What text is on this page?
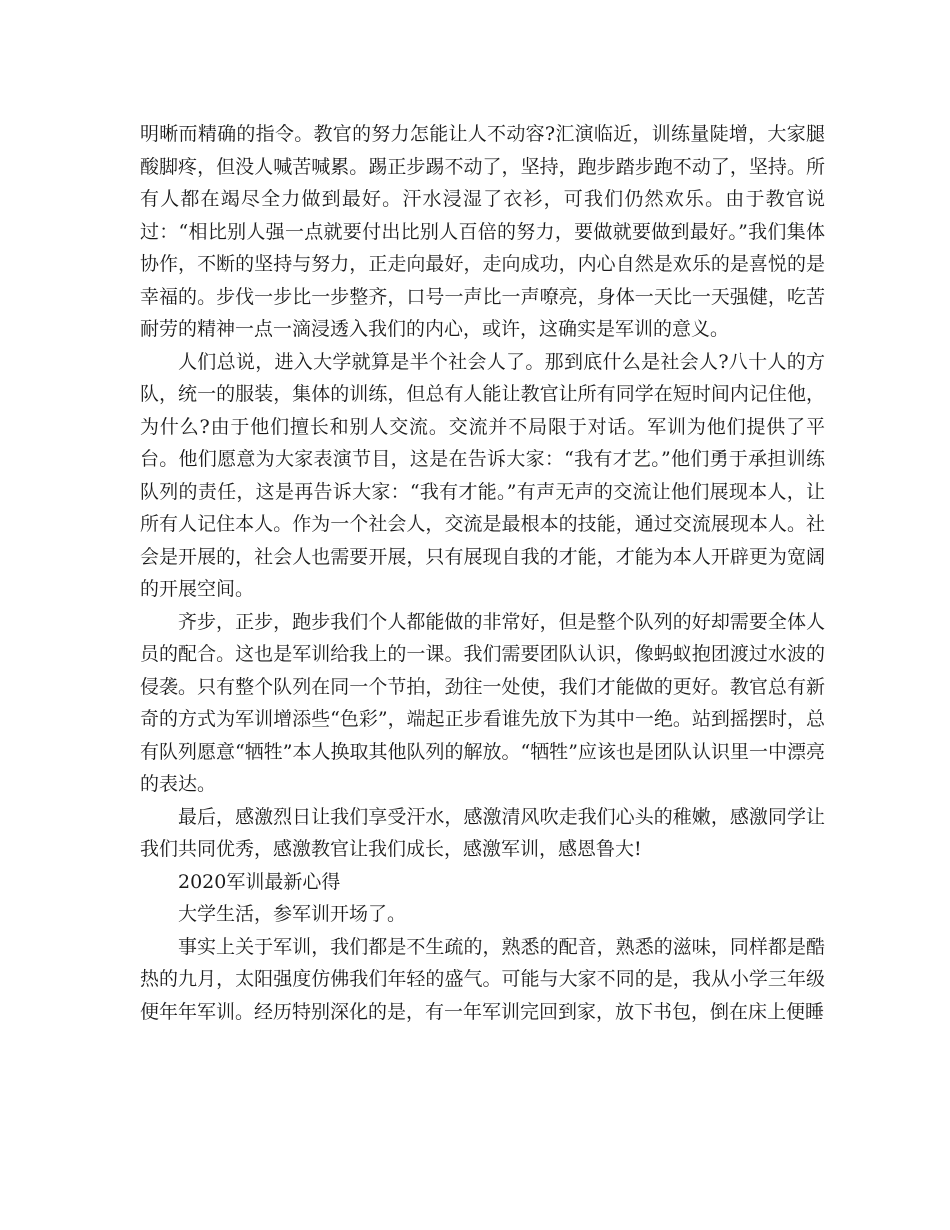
明晰而精确的指令。教官的努力怎能让人不动容?汇演临近，训练量陡增，大家腿酸脚疼，但没人喊苦喊累。踢正步踢不动了，坚持，跑步踏步跑不动了，坚持。所有人都在竭尽全力做到最好。汗水浸湿了衣衫，可我们仍然欢乐。由于教官说过：“相比别人强一点就要付出比别人百倍的努力，要做就要做到最好。”我们集体协作，不断的坚持与努力，正走向最好，走向成功，内心自然是欢乐的是喜悦的是幸福的。步伐一步比一步整齐，口号一声比一声嘹亮，身体一天比一天强健，吃苦耐劳的精神一点一滴浸透入我们的内心，或许，这确实是军训的意义。

人们总说，进入大学就算是半个社会人了。那到底什么是社会人?八十人的方队，统一的服装，集体的训练，但总有人能让教官让所有同学在短时间内记住他，为什么?由于他们擅长和别人交流。交流并不局限于对话。军训为他们提供了平台。他们愿意为大家表演节目，这是在告诉大家：“我有才艺。”他们勇于承担训练队列的责任，这是再告诉大家：“我有才能。”有声无声的交流让他们展现本人，让所有人记住本人。作为一个社会人，交流是最根本的技能，通过交流展现本人。社会是开展的，社会人也需要开展，只有展现自我的才能，才能为本人开辟更为宽阔的开展空间。

齐步，正步，跑步我们个人都能做的非常好，但是整个队列的好却需要全体人员的配合。这也是军训给我上的一课。我们需要团队认识，像蚂蚁抱团渡过水波的侵袭。只有整个队列在同一个节拍，劲往一处使，我们才能做的更好。教官总有新奇的方式为军训增添些“色彩”，端起正步看谁先放下为其中一绝。站到摇摆时，总有队列愿意“牺牲”本人换取其他队列的解放。“牺牲”应该也是团队认识里一中漂亮的表达。

最后，感激烈日让我们享受汗水，感激清风吹走我们心头的稚嫩，感激同学让我们共同优秀，感激教官让我们成长，感激军训，感恩鲁大!

2020军训最新心得

大学生活，参军训开场了。

事实上关于军训，我们都是不生疏的，熟悉的配音，熟悉的滋味，同样都是酷热的九月，太阳强度仿佛我们年轻的盛气。可能与大家不同的是，我从小学三年级便年年军训。经历特别深化的是，有一年军训完回到家，放下书包，倒在床上便睡
